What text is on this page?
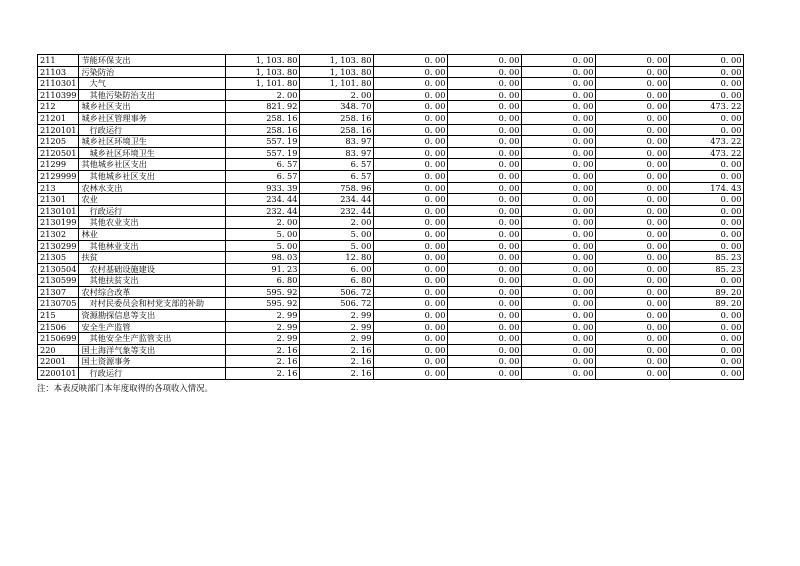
211	节能环保支出	1, 103. 80	1, 103. 80	0. 00	0. 00	0. 00	0. 00	0. 00
21103	污染防治	1, 103. 80	1, 103. 80	0. 00	0. 00	0. 00	0. 00	0. 00
2110301	大气	1, 101. 80	1, 101. 80	0. 00	0. 00	0. 00	0. 00	0. 00
2110399	其他污染防治支出	2. 00	2. 00	0. 00	0. 00	0. 00	0. 00	0. 00
212	城乡社区支出	821. 92	348. 70	0. 00	0. 00	0. 00	0. 00	473. 22
21201	城乡社区管理事务	258. 16	258. 16	0. 00	0. 00	0. 00	0. 00	0. 00
2120101	行政运行	258. 16	258. 16	0. 00	0. 00	0. 00	0. 00	0. 00
21205	城乡社区环境卫生	557. 19	83. 97	0. 00	0. 00	0. 00	0. 00	473. 22
2120501	城乡社区环境卫生	557. 19	83. 97	0. 00	0. 00	0. 00	0. 00	473. 22
21299	其他城乡社区支出	6. 57	6. 57	0. 00	0. 00	0. 00	0. 00	0. 00
2129999	其他城乡社区支出	6. 57	6. 57	0. 00	0. 00	0. 00	0. 00	0. 00
213	农林水支出	933. 39	758. 96	0. 00	0. 00	0. 00	0. 00	174. 43
21301	农业	234. 44	234. 44	0. 00	0. 00	0. 00	0. 00	0. 00
2130101	行政运行	232. 44	232. 44	0. 00	0. 00	0. 00	0. 00	0. 00
2130199	其他农业支出	2. 00	2. 00	0. 00	0. 00	0. 00	0. 00	0. 00
21302	林业	5. 00	5. 00	0. 00	0. 00	0. 00	0. 00	0. 00
2130299	其他林业支出	5. 00	5. 00	0. 00	0. 00	0. 00	0. 00	0. 00
21305	扶贫	98. 03	12. 80	0. 00	0. 00	0. 00	0. 00	85. 23
2130504	农村基础设施建设	91. 23	6. 00	0. 00	0. 00	0. 00	0. 00	85. 23
2130599	其他扶贫支出	6. 80	6. 80	0. 00	0. 00	0. 00	0. 00	0. 00
21307	农村综合改革	595. 92	506. 72	0. 00	0. 00	0. 00	0. 00	89. 20
2130705	对村民委员会和村党支部的补助	595. 92	506. 72	0. 00	0. 00	0. 00	0. 00	89. 20
215	资源勘探信息等支出	2. 99	2. 99	0. 00	0. 00	0. 00	0. 00	0. 00
21506	安全生产监管	2. 99	2. 99	0. 00	0. 00	0. 00	0. 00	0. 00
2150699	其他安全生产监管支出	2. 99	2. 99	0. 00	0. 00	0. 00	0. 00	0. 00
220	国土海洋气象等支出	2. 16	2. 16	0. 00	0. 00	0. 00	0. 00	0. 00
22001	国土资源事务	2. 16	2. 16	0. 00	0. 00	0. 00	0. 00	0. 00
2200101	行政运行	2. 16	2. 16	0. 00	0. 00	0. 00	0. 00	0. 00
注：本表反映部门本年度取得的各项收入情况。
